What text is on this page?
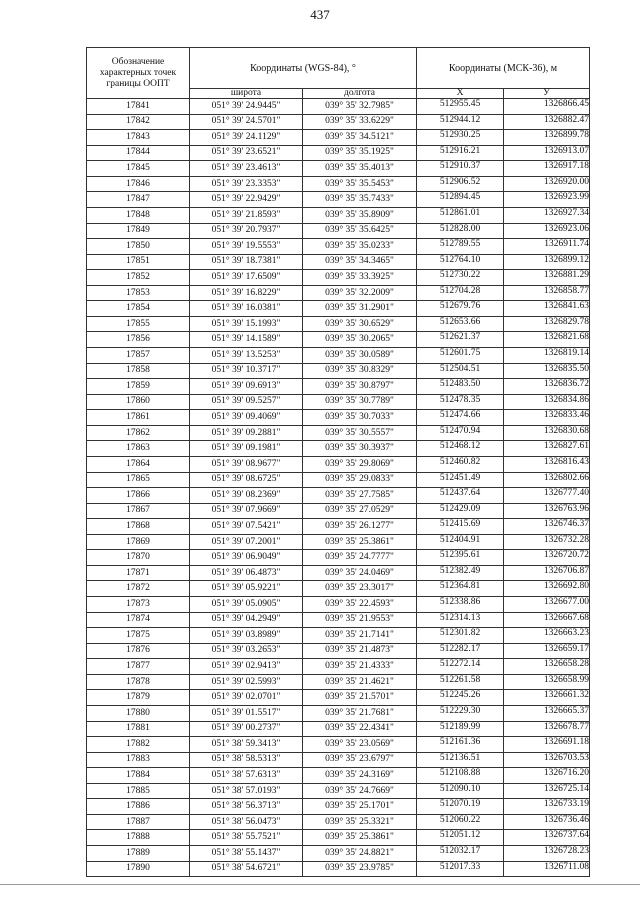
437
Обозначение характерных точек границы ООПТ	Координаты (WGS-84), °		Координаты (МСК-36), м	
	широта	долгота	X	У
17841	051° 39' 24.9445"	039° 35' 32.7985"	512955.45	1326866.45
17842	051° 39' 24.5701"	039° 35' 33.6229"	512944.12	1326882.47
17843	051° 39' 24.1129"	039° 35' 34.5121"	512930.25	1326899.78
17844	051° 39' 23.6521"	039° 35' 35.1925"	512916.21	1326913.07
17845	051° 39' 23.4613"	039° 35' 35.4013"	512910.37	1326917.18
17846	051° 39' 23.3353"	039° 35' 35.5453"	512906.52	1326920.00
17847	051° 39' 22.9429"	039° 35' 35.7433"	512894.45	1326923.99
17848	051° 39' 21.8593"	039° 35' 35.8909"	512861.01	1326927.34
17849	051° 39' 20.7937"	039° 35' 35.6425"	512828.00	1326923.06
17850	051° 39' 19.5553"	039° 35' 35.0233"	512789.55	1326911.74
17851	051° 39' 18.7381"	039° 35' 34.3465"	512764.10	1326899.12
17852	051° 39' 17.6509"	039° 35' 33.3925"	512730.22	1326881.29
17853	051° 39' 16.8229"	039° 35' 32.2009"	512704.28	1326858.77
17854	051° 39' 16.0381"	039° 35' 31.2901"	512679.76	1326841.63
17855	051° 39' 15.1993"	039° 35' 30.6529"	512653.66	1326829.78
17856	051° 39' 14.1589"	039° 35' 30.2065"	512621.37	1326821.68
17857	051° 39' 13.5253"	039° 35' 30.0589"	512601.75	1326819.14
17858	051° 39' 10.3717"	039° 35' 30.8329"	512504.51	1326835.50
17859	051° 39' 09.6913"	039° 35' 30.8797"	512483.50	1326836.72
17860	051° 39' 09.5257"	039° 35' 30.7789"	512478.35	1326834.86
17861	051° 39' 09.4069"	039° 35' 30.7033"	512474.66	1326833.46
17862	051° 39' 09.2881"	039° 35' 30.5557"	512470.94	1326830.68
17863	051° 39' 09.1981"	039° 35' 30.3937"	512468.12	1326827.61
17864	051° 39' 08.9677"	039° 35' 29.8069"	512460.82	1326816.43
17865	051° 39' 08.6725"	039° 35' 29.0833"	512451.49	1326802.66
17866	051° 39' 08.2369"	039° 35' 27.7585"	512437.64	1326777.40
17867	051° 39' 07.9669"	039° 35' 27.0529"	512429.09	1326763.96
17868	051° 39' 07.5421"	039° 35' 26.1277"	512415.69	1326746.37
17869	051° 39' 07.2001"	039° 35' 25.3861"	512404.91	1326732.28
17870	051° 39' 06.9049"	039° 35' 24.7777"	512395.61	1326720.72
17871	051° 39' 06.4873"	039° 35' 24.0469"	512382.49	1326706.87
17872	051° 39' 05.9221"	039° 35' 23.3017"	512364.81	1326692.80
17873	051° 39' 05.0905"	039° 35' 22.4593"	512338.86	1326677.00
17874	051° 39' 04.2949"	039° 35' 21.9553"	512314.13	1326667.68
17875	051° 39' 03.8989"	039° 35' 21.7141"	512301.82	1326663.23
17876	051° 39' 03.2653"	039° 35' 21.4873"	512282.17	1326659.17
17877	051° 39' 02.9413"	039° 35' 21.4333"	512272.14	1326658.28
17878	051° 39' 02.5993"	039° 35' 21.4621"	512261.58	1326658.99
17879	051° 39' 02.0701"	039° 35' 21.5701"	512245.26	1326661.32
17880	051° 39' 01.5517"	039° 35' 21.7681"	512229.30	1326665.37
17881	051° 39' 00.2737"	039° 35' 22.4341"	512189.99	1326678.77
17882	051° 38' 59.3413"	039° 35' 23.0569"	512161.36	1326691.18
17883	051° 38' 58.5313"	039° 35' 23.6797"	512136.51	1326703.53
17884	051° 38' 57.6313"	039° 35' 24.3169"	512108.88	1326716.20
17885	051° 38' 57.0193"	039° 35' 24.7669"	512090.10	1326725.14
17886	051° 38' 56.3713"	039° 35' 25.1701"	512070.19	1326733.19
17887	051° 38' 56.0473"	039° 35' 25.3321"	512060.22	1326736.46
17888	051° 38' 55.7521"	039° 35' 25.3861"	512051.12	1326737.64
17889	051° 38' 55.1437"	039° 35' 24.8821"	512032.17	1326728.23
17890	051° 38' 54.6721"	039° 35' 23.9785"	512017.33	1326711.08
